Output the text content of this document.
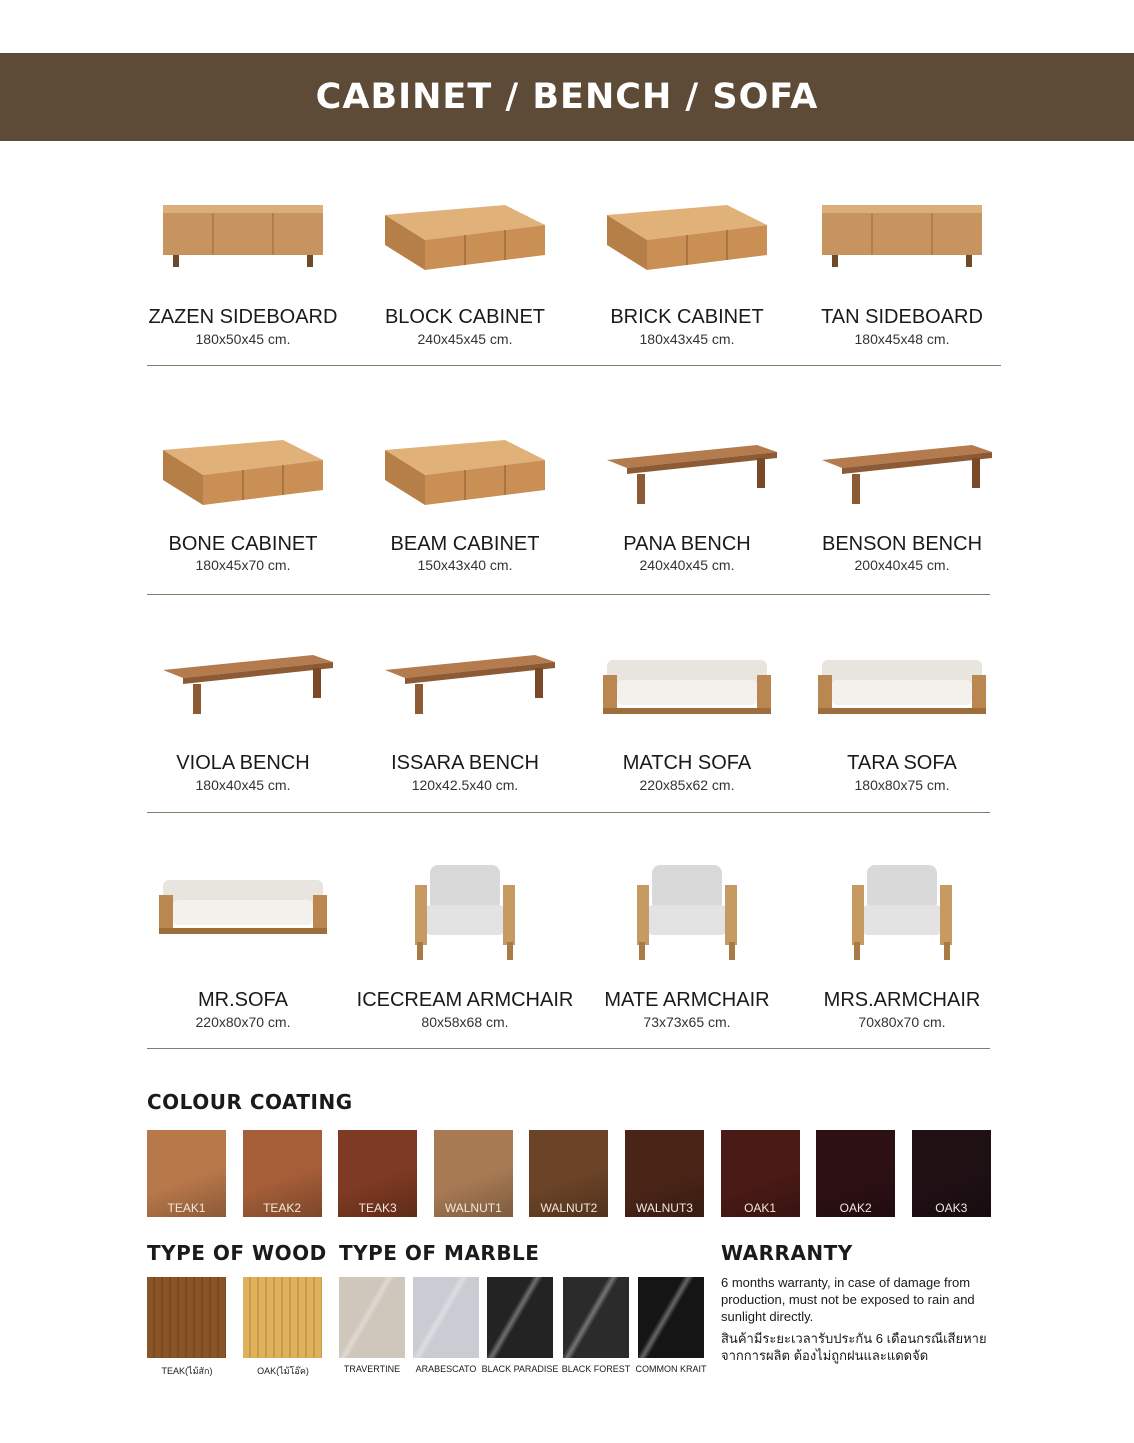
CABINET / BENCH / SOFA
ZAZEN SIDEBOARD
180x50x45 cm.
BLOCK CABINET
240x45x45 cm.
BRICK CABINET
180x43x45 cm.
TAN SIDEBOARD
180x45x48 cm.
BONE CABINET
180x45x70 cm.
BEAM CABINET
150x43x40 cm.
PANA BENCH
240x40x45 cm.
BENSON BENCH
200x40x45 cm.
VIOLA BENCH
180x40x45 cm.
ISSARA BENCH
120x42.5x40 cm.
MATCH SOFA
220x85x62 cm.
TARA SOFA
180x80x75 cm.
MR.SOFA
220x80x70 cm.
ICECREAM ARMCHAIR
80x58x68 cm.
MATE ARMCHAIR
73x73x65 cm.
MRS.ARMCHAIR
70x80x70 cm.
COLOUR COATING
TEAK1	TEAK2	TEAK3	WALNUT1	WALNUT2	WALNUT3	OAK1	OAK2	OAK3
TYPE OF WOOD TYPE OF MARBLE	WARRANTY
TEAK(ไม้สัก)	OAK(ไม้โอ๊ค)	TRAVERTINE	ARABESCATO BLACK PARADISE BLACK FOREST COMMON KRAIT
6 months warranty, in case of damage from production, must not be exposed to rain and sunlight directly.
สินค้ามีระยะเวลารับประกัน 6 เดือนกรณีเสียหายจากการผลิต ต้องไม่ถูกฝนและแดดจัด
